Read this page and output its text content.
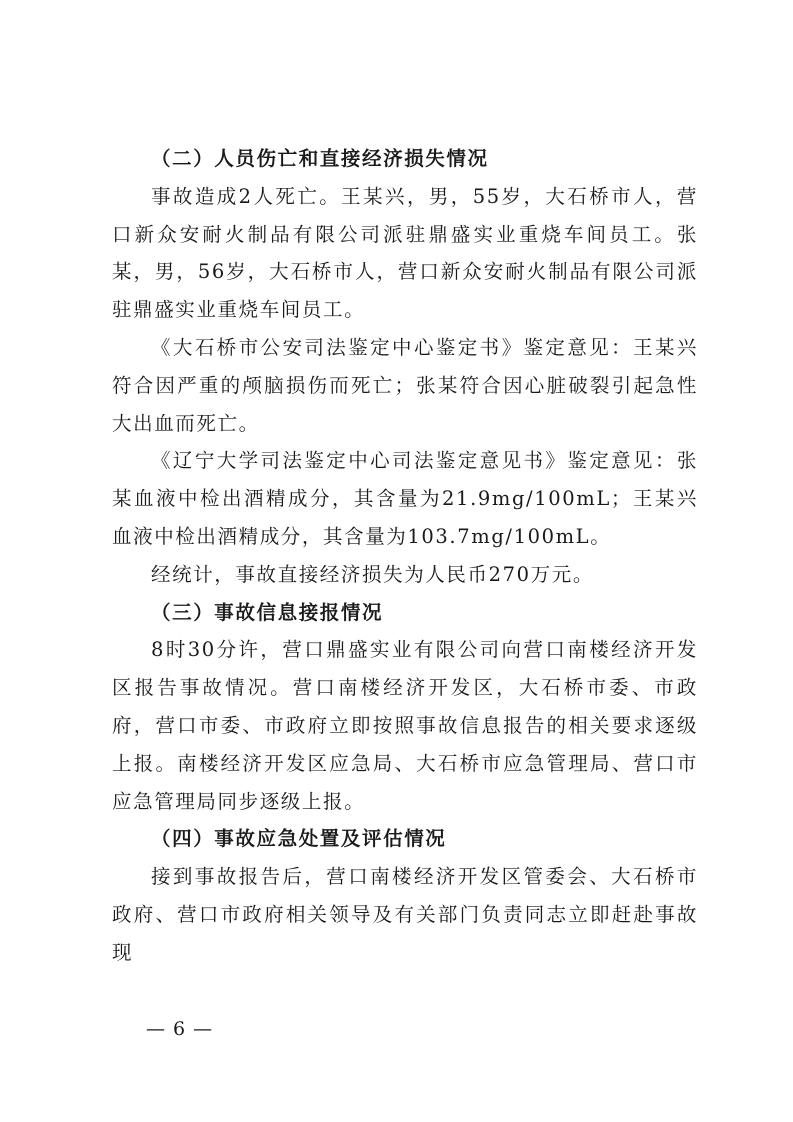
（二）人员伤亡和直接经济损失情况

事故造成2人死亡。王某兴，男，55岁，大石桥市人，营口新众安耐火制品有限公司派驻鼎盛实业重烧车间员工。张某，男，56岁，大石桥市人，营口新众安耐火制品有限公司派驻鼎盛实业重烧车间员工。

《大石桥市公安司法鉴定中心鉴定书》鉴定意见：王某兴符合因严重的颅脑损伤而死亡；张某符合因心脏破裂引起急性大出血而死亡。

《辽宁大学司法鉴定中心司法鉴定意见书》鉴定意见：张某血液中检出酒精成分，其含量为21.9mg/100mL；王某兴血液中检出酒精成分，其含量为103.7mg/100mL。

经统计，事故直接经济损失为人民币270万元。

（三）事故信息接报情况

8时30分许，营口鼎盛实业有限公司向营口南楼经济开发区报告事故情况。营口南楼经济开发区，大石桥市委、市政府，营口市委、市政府立即按照事故信息报告的相关要求逐级上报。南楼经济开发区应急局、大石桥市应急管理局、营口市应急管理局同步逐级上报。

（四）事故应急处置及评估情况

接到事故报告后，营口南楼经济开发区管委会、大石桥市政府、营口市政府相关领导及有关部门负责同志立即赶赴事故现

— 6 —
